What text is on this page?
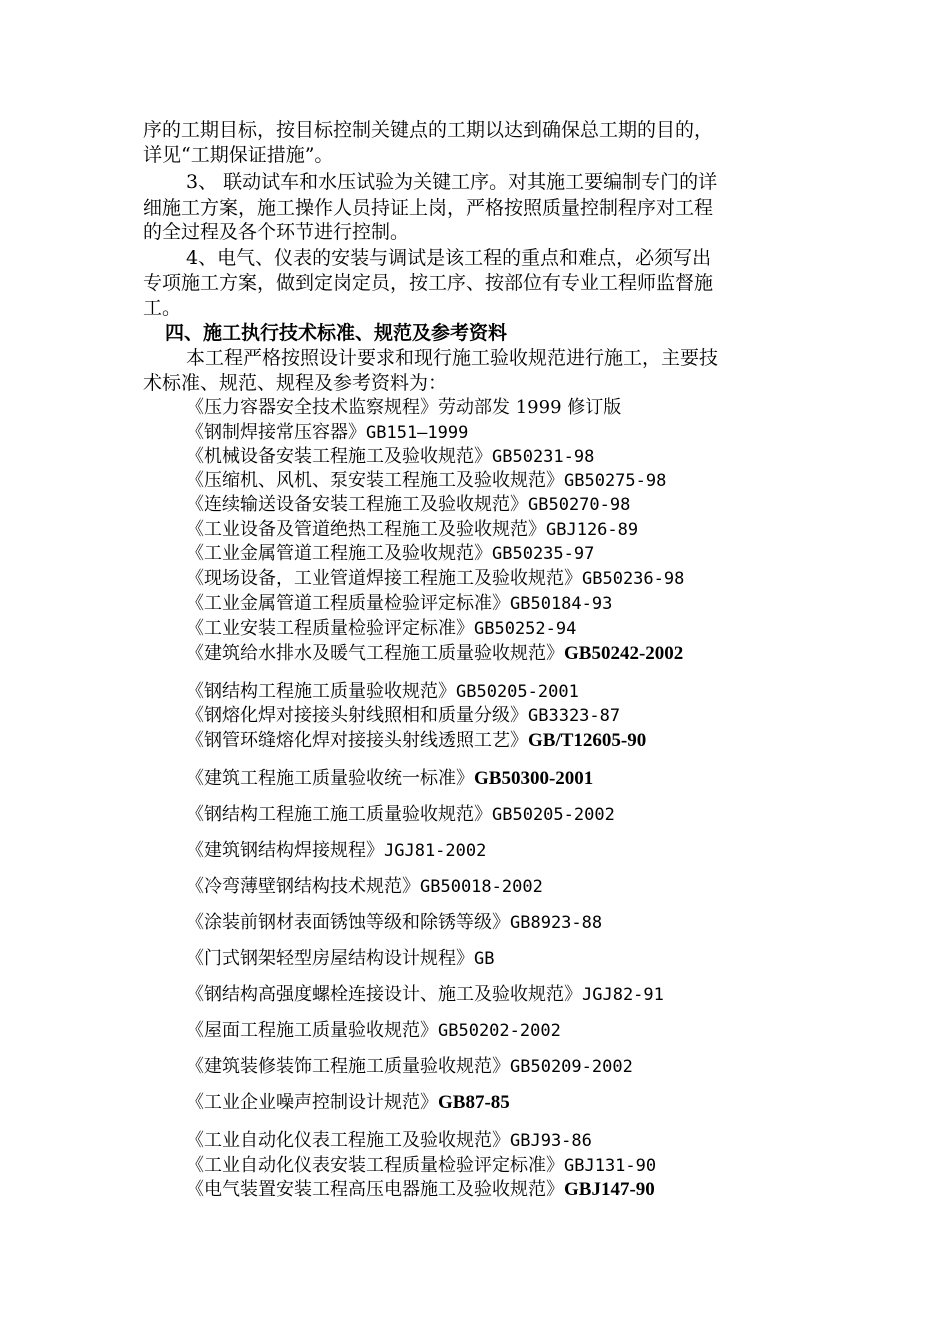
序的工期目标，按目标控制关键点的工期以达到确保总工期的目的，
详见“工期保证措施”。
3、 联动试车和水压试验为关键工序。对其施工要编制专门的详
细施工方案，施工操作人员持证上岗，严格按照质量控制程序对工程
的全过程及各个环节进行控制。
4、电气、仪表的安装与调试是该工程的重点和难点，必须写出
专项施工方案，做到定岗定员，按工序、按部位有专业工程师监督施
工。
四、施工执行技术标准、规范及参考资料
本工程严格按照设计要求和现行施工验收规范进行施工，主要技
术标准、规范、规程及参考资料为：
《压力容器安全技术监察规程》劳动部发 1999 修订版
《钢制焊接常压容器》GB151—1999
《机械设备安装工程施工及验收规范》GB50231-98
《压缩机、风机、泵安装工程施工及验收规范》GB50275-98
《连续输送设备安装工程施工及验收规范》GB50270-98
《工业设备及管道绝热工程施工及验收规范》GBJ126-89
《工业金属管道工程施工及验收规范》GB50235-97
《现场设备，工业管道焊接工程施工及验收规范》GB50236-98
《工业金属管道工程质量检验评定标准》GB50184-93
《工业安装工程质量检验评定标准》GB50252-94
《建筑给水排水及暖气工程施工质量验收规范》GB50242-2002
《钢结构工程施工质量验收规范》GB50205-2001
《钢熔化焊对接接头射线照相和质量分级》GB3323-87
《钢管环缝熔化焊对接接头射线透照工艺》GB/T12605-90
《建筑工程施工质量验收统一标准》GB50300-2001
《钢结构工程施工施工质量验收规范》GB50205-2002
《建筑钢结构焊接规程》JGJ81-2002
《冷弯薄壁钢结构技术规范》GB50018-2002
《涂装前钢材表面锈蚀等级和除锈等级》GB8923-88
《门式钢架轻型房屋结构设计规程》GB
《钢结构高强度螺栓连接设计、施工及验收规范》JGJ82-91
《屋面工程施工质量验收规范》GB50202-2002
《建筑装修装饰工程施工质量验收规范》GB50209-2002
《工业企业噪声控制设计规范》GB87-85
《工业自动化仪表工程施工及验收规范》GBJ93-86
《工业自动化仪表安装工程质量检验评定标准》GBJ131-90
《电气装置安装工程高压电器施工及验收规范》GBJ147-90
